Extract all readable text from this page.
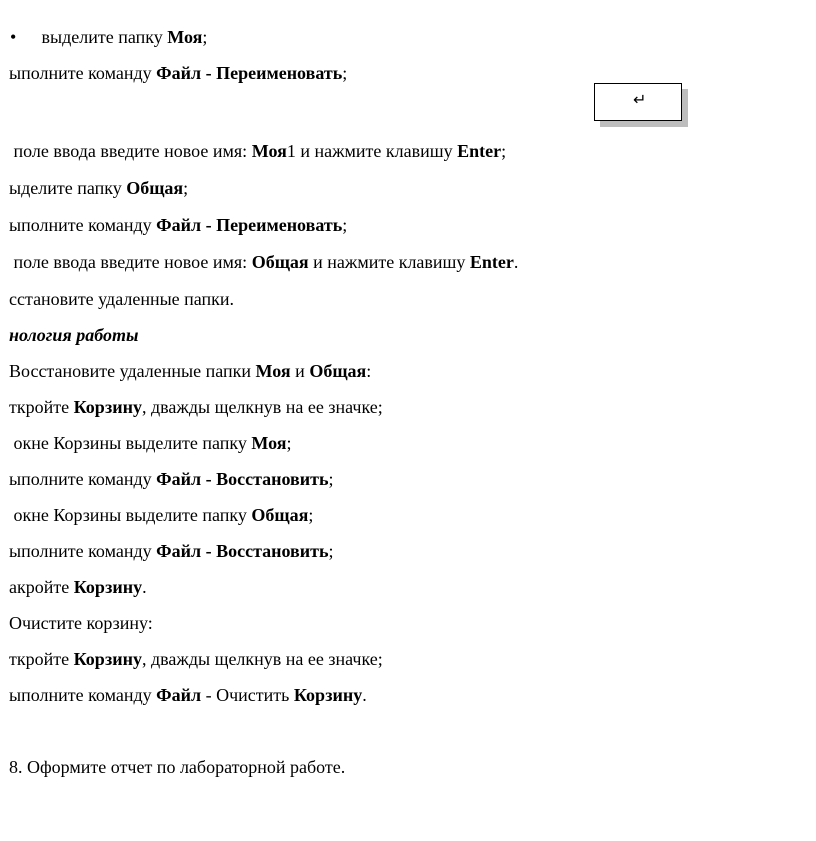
•   выделите папку Моя;

ыполните команду Файл - Переименовать;

↵

поле ввода введите новое имя: Моя1 и нажмите клавишу Enter;

ыделите папку Общая;

ыполните команду Файл - Переименовать;

поле ввода введите новое имя: Общая и нажмите клавишу Enter.

сстановите удаленные папки.

нология работы

Восстановите удаленные папки Моя и Общая:

ткройте Корзину, дважды щелкнув на ее значке;

окне Корзины выделите папку Моя;

ыполните команду Файл - Восстановить;

окне Корзины выделите папку Общая;

ыполните команду Файл - Восстановить;

акройте Корзину.

Очистите корзину:

ткройте Корзину, дважды щелкнув на ее значке;

ыполните команду Файл - Очистить Корзину.

8. Оформите отчет по лабораторной работе.
